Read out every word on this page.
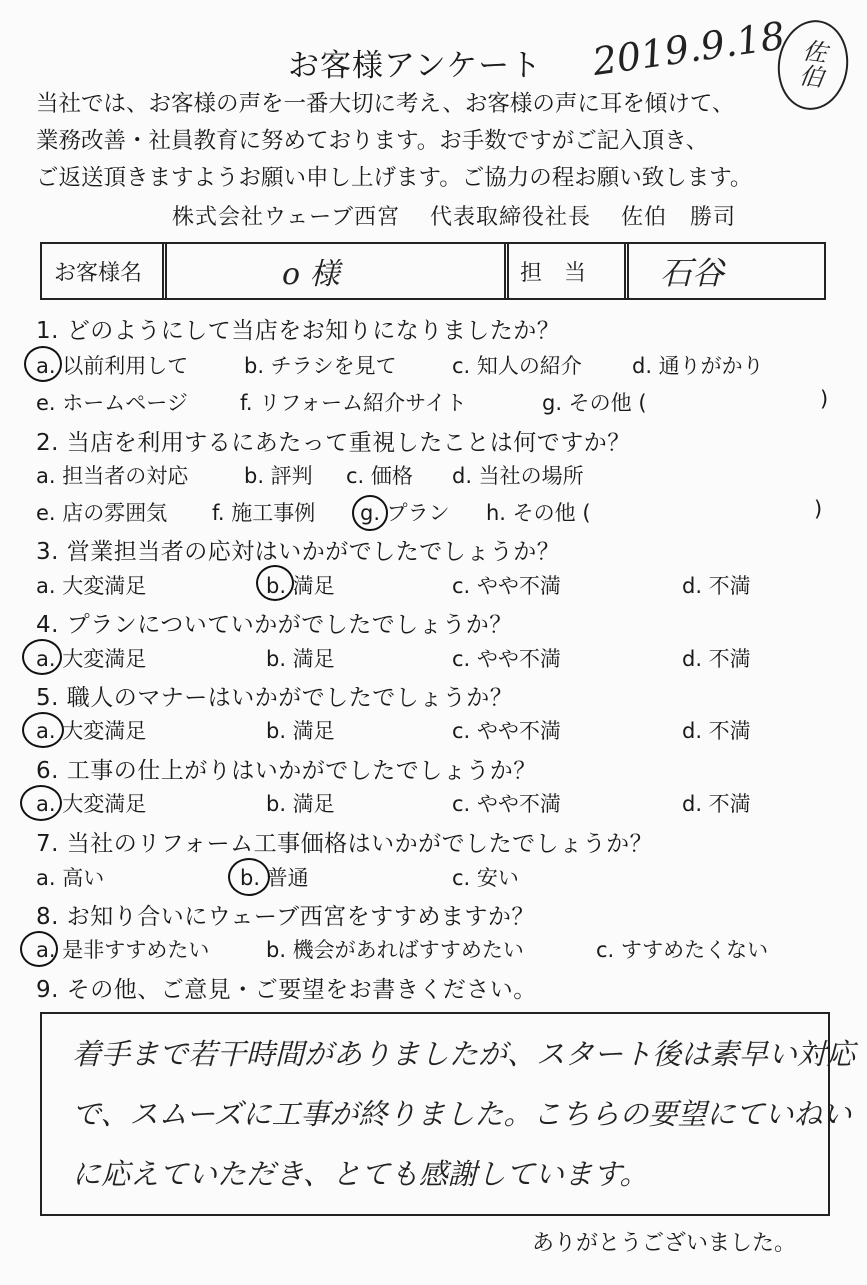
お客様アンケート 2019.9.18 佐
伯
当社では、お客様の声を一番大切に考え、お客様の声に耳を傾けて、
業務改善・社員教育に努めております。お手数ですがご記入頂き、
ご返送頂きますようお願い申し上げます。ご協力の程お願い致します。
株式会社ウェーブ西宮 代表取締役社長 佐伯　勝司
お客様名	o 様	担　当 石谷
1. どのようにして当店をお知りになりましたか？
a. 以前利用して	b. チラシを見て	c. 知人の紹介 d. 通りがかり
e. ホームページ f. リフォーム紹介サイト	g. その他 (	)
2. 当店を利用するにあたって重視したことは何ですか？
a. 担当者の対応	b. 評判 c. 価格 d. 当社の場所
e. 店の雰囲気 f. 施工事例 g. プラン h. その他 (	)
3. 営業担当者の応対はいかがでしたでしょうか？
a. 大変満足	b. 満足	c. やや不満	d. 不満
4. プランについていかがでしたでしょうか？
a. 大変満足	b. 満足	c. やや不満	d. 不満
5. 職人のマナーはいかがでしたでしょうか？
a. 大変満足	b. 満足	c. やや不満	d. 不満
6. 工事の仕上がりはいかがでしたでしょうか？
a. 大変満足	b. 満足	c. やや不満	d. 不満
7. 当社のリフォーム工事価格はいかがでしたでしょうか？
a. 高い	b. 普通	c. 安い
8. お知り合いにウェーブ西宮をすすめますか？
a. 是非すすめたい	b. 機会があればすすめたい	c. すすめたくない
9. その他、ご意見・ご要望をお書きください。
着手まで若干時間がありましたが、スタート後は素早い対応
で、スムーズに工事が終りました。こちらの要望にていねい
に応えていただき、とても感謝しています。
ありがとうございました。
